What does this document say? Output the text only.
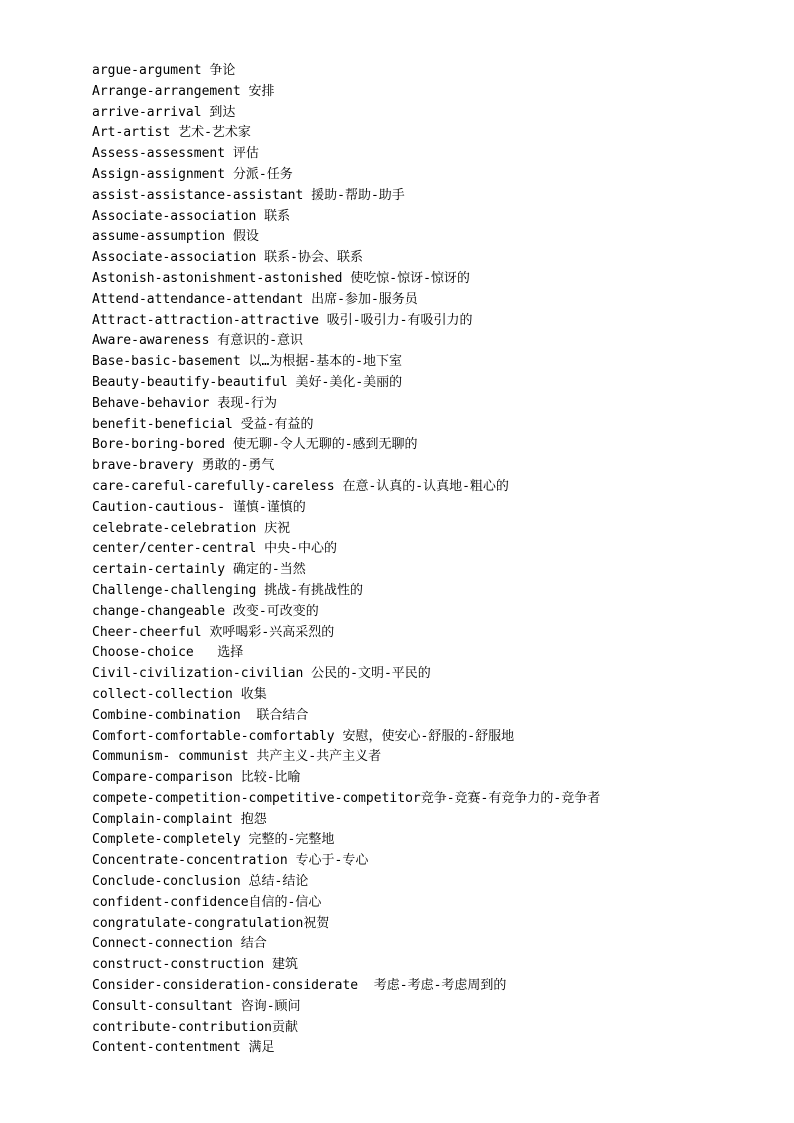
argue-argument 争论
Arrange-arrangement 安排
arrive-arrival 到达
Art-artist 艺术-艺术家
Assess-assessment 评估
Assign-assignment 分派-任务
assist-assistance-assistant 援助-帮助-助手
Associate-association 联系
assume-assumption 假设
Associate-association 联系-协会、联系
Astonish-astonishment-astonished 使吃惊-惊讶-惊讶的
Attend-attendance-attendant 出席-参加-服务员
Attract-attraction-attractive 吸引-吸引力-有吸引力的
Aware-awareness 有意识的-意识
Base-basic-basement 以…为根据-基本的-地下室
Beauty-beautify-beautiful 美好-美化-美丽的
Behave-behavior 表现-行为
benefit-beneficial 受益-有益的
Bore-boring-bored 使无聊-令人无聊的-感到无聊的
brave-bravery 勇敢的-勇气
care-careful-carefully-careless 在意-认真的-认真地-粗心的
Caution-cautious- 谨慎-谨慎的
celebrate-celebration 庆祝
center/center-central 中央-中心的
certain-certainly 确定的-当然
Challenge-challenging 挑战-有挑战性的
change-changeable 改变-可改变的
Cheer-cheerful 欢呼喝彩-兴高采烈的
Choose-choice   选择
Civil-civilization-civilian 公民的-文明-平民的
collect-collection 收集
Combine-combination  联合结合
Comfort-comfortable-comfortably 安慰，使安心-舒服的-舒服地
Communism- communist 共产主义-共产主义者
Compare-comparison 比较-比喻
compete-competition-competitive-competitor竞争-竞赛-有竞争力的-竞争者
Complain-complaint 抱怨
Complete-completely 完整的-完整地
Concentrate-concentration 专心于-专心
Conclude-conclusion 总结-结论
confident-confidence自信的-信心
congratulate-congratulation祝贺
Connect-connection 结合
construct-construction 建筑
Consider-consideration-considerate  考虑-考虑-考虑周到的
Consult-consultant 咨询-顾问
contribute-contribution贡献
Content-contentment 满足
